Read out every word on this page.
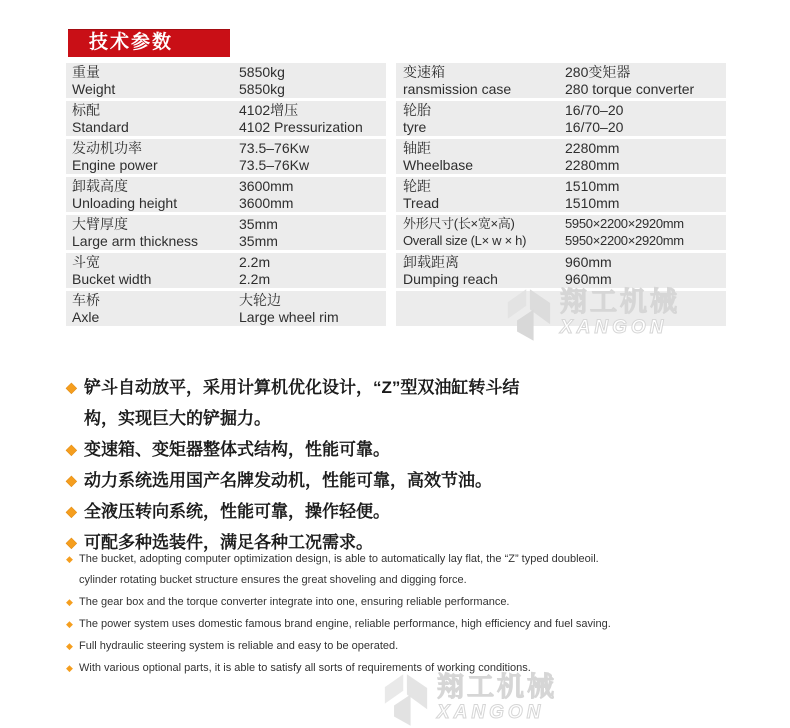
技术参数
重量
Weight
5850kg
5850kg
标配
Standard
4102增压
4102 Pressurization
发动机功率
Engine power
73.5–76Kw
73.5–76Kw
卸载高度
Unloading height
3600mm
3600mm
大臂厚度
Large arm thickness
35mm
35mm
斗宽
Bucket width
2.2m
2.2m
车桥
Axle
大轮边
Large wheel rim
变速箱
ransmission case
280变矩器
280 torque converter
轮胎
tyre
16/70–20
16/70–20
轴距
Wheelbase
2280mm
2280mm
轮距
Tread
1510mm
1510mm
外形尺寸(长×宽×高)
Overall size (L× w × h)
5950×2200×2920mm
5950×2200×2920mm
卸载距离
Dumping reach
960mm
960mm
翔工机械
XANGON
◆ 铲斗自动放平，采用计算机优化设计，“Z”型双油缸转斗结
构，实现巨大的铲掘力。
◆ 变速箱、变矩器整体式结构，性能可靠。
◆ 动力系统选用国产名牌发动机，性能可靠，高效节油。
◆ 全液压转向系统，性能可靠，操作轻便。
◆ 可配多种选装件，满足各种工况需求。
◆ The bucket, adopting computer optimization design, is able to automatically lay flat, the “Z” typed doubleoil.
cylinder rotating bucket structure ensures the great shoveling and digging force.
◆ The gear box and the torque converter integrate into one, ensuring reliable performance.
◆ The power system uses domestic famous brand engine, reliable performance, high efficiency and fuel saving.
◆ Full hydraulic steering system is reliable and easy to be operated.
◆ With various optional parts, it is able to satisfy all sorts of requirements of working conditions.
翔工机械
XANGON
